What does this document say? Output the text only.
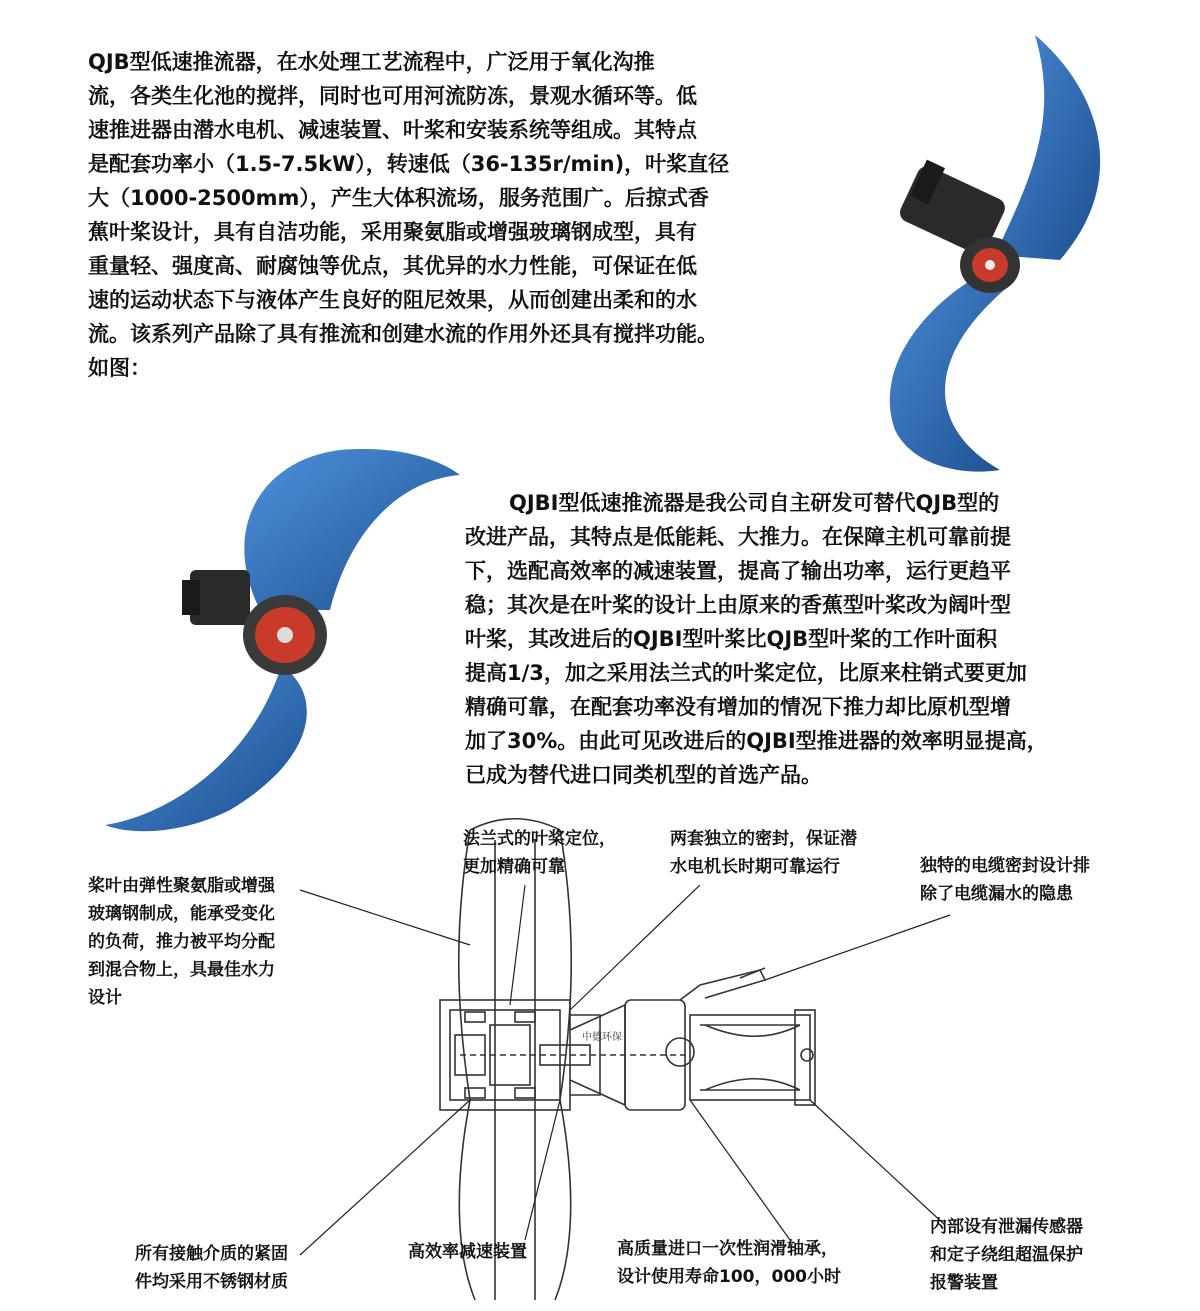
QJB型低速推流器，在水处理工艺流程中，广泛用于氧化沟推
流，各类生化池的搅拌，同时也可用河流防冻，景观水循环等。低
速推进器由潜水电机、减速装置、叶桨和安装系统等组成。其特点
是配套功率小（1.5-7.5kW），转速低（36-135r/min)，叶桨直径
大（1000-2500mm），产生大体积流场，服务范围广。后掠式香
蕉叶桨设计，具有自洁功能，采用聚氨脂或增强玻璃钢成型，具有
重量轻、强度高、耐腐蚀等优点，其优异的水力性能，可保证在低
速的运动状态下与液体产生良好的阻尼效果，从而创建出柔和的水
流。该系列产品除了具有推流和创建水流的作用外还具有搅拌功能。
如图：
QJBⅠ型低速推流器是我公司自主研发可替代QJB型的
改进产品，其特点是低能耗、大推力。在保障主机可靠前提
下，选配高效率的减速装置，提高了输出功率，运行更趋平
稳；其次是在叶桨的设计上由原来的香蕉型叶桨改为阔叶型
叶桨，其改进后的QJBⅠ型叶桨比QJB型叶桨的工作叶面积
提高1/3，加之采用法兰式的叶桨定位，比原来柱销式要更加
精确可靠，在配套功率没有增加的情况下推力却比原机型增
加了30%。由此可见改进后的QJBI型推进器的效率明显提高，
已成为替代进口同类机型的首选产品。
中德环保
法兰式的叶桨定位，
更加精确可靠
两套独立的密封，保证潜
水电机长时期可靠运行	独特的电缆密封设计排
除了电缆漏水的隐患
桨叶由弹性聚氨脂或增强
玻璃钢制成，能承受变化
的负荷，推力被平均分配
到混合物上，具最佳水力
设计
所有接触介质的紧固
件均采用不锈钢材质
高效率减速装置	高质量进口一次性润滑轴承，
设计使用寿命100，000小时
内部设有泄漏传感器
和定子绕组超温保护
报警装置
